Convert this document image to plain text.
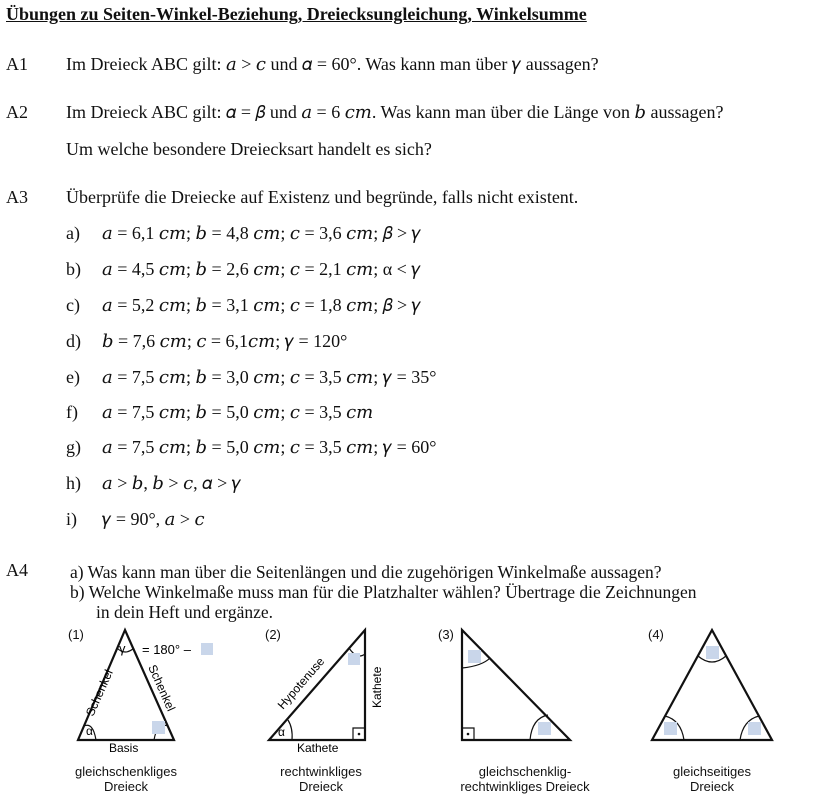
Übungen zu Seiten-Winkel-Beziehung, Dreiecksungleichung, Winkelsumme
A1 Im Dreieck ABC gilt: 𝑎 > 𝑐 und 𝛼 = 60°. Was kann man über 𝛾 aussagen?
A2 Im Dreieck ABC gilt: 𝛼 = 𝛽 und 𝑎 = 6 𝑐𝑚. Was kann man über die Länge von 𝑏 aussagen?
Um welche besondere Dreiecksart handelt es sich?
A3 Überprüfe die Dreiecke auf Existenz und begründe, falls nicht existent.
a) 𝑎 = 6,1 𝑐𝑚; 𝑏 = 4,8 𝑐𝑚; 𝑐 = 3,6 𝑐𝑚; 𝛽 > 𝛾
b) 𝑎 = 4,5 𝑐𝑚; 𝑏 = 2,6 𝑐𝑚; 𝑐 = 2,1 𝑐𝑚; α < 𝛾
c) 𝑎 = 5,2 𝑐𝑚; 𝑏 = 3,1 𝑐𝑚; 𝑐 = 1,8 𝑐𝑚; 𝛽 > 𝛾
d) 𝑏 = 7,6 𝑐𝑚; 𝑐 = 6,1𝑐𝑚; 𝛾 = 120°
e) 𝑎 = 7,5 𝑐𝑚; 𝑏 = 3,0 𝑐𝑚; 𝑐 = 3,5 𝑐𝑚; 𝛾 = 35°
f) 𝑎 = 7,5 𝑐𝑚; 𝑏 = 5,0 𝑐𝑚; 𝑐 = 3,5 𝑐𝑚
g) 𝑎 = 7,5 𝑐𝑚; 𝑏 = 5,0 𝑐𝑚; 𝑐 = 3,5 𝑐𝑚; 𝛾 = 60°
h) 𝑎 > 𝑏, 𝑏 > 𝑐, 𝛼 > 𝛾
i) 𝛾 = 90°, 𝑎 > 𝑐
A4 a) Was kann man über die Seitenlängen und die zugehörigen Winkelmaße aussagen?
b) Welche Winkelmaße muss man für die Platzhalter wählen? Übertrage die Zeichnungen
in dein Heft und ergänze.
(1)	(2)	(3)	(4)
γ = 180° –
α
Schenkel Schenkel
Basis
α
Hypotenuse	Kathete
Kathete
gleichschenkliges
Dreieck
rechtwinkliges
Dreieck
gleichschenklig-
rechtwinkliges Dreieck
gleichseitiges
Dreieck
